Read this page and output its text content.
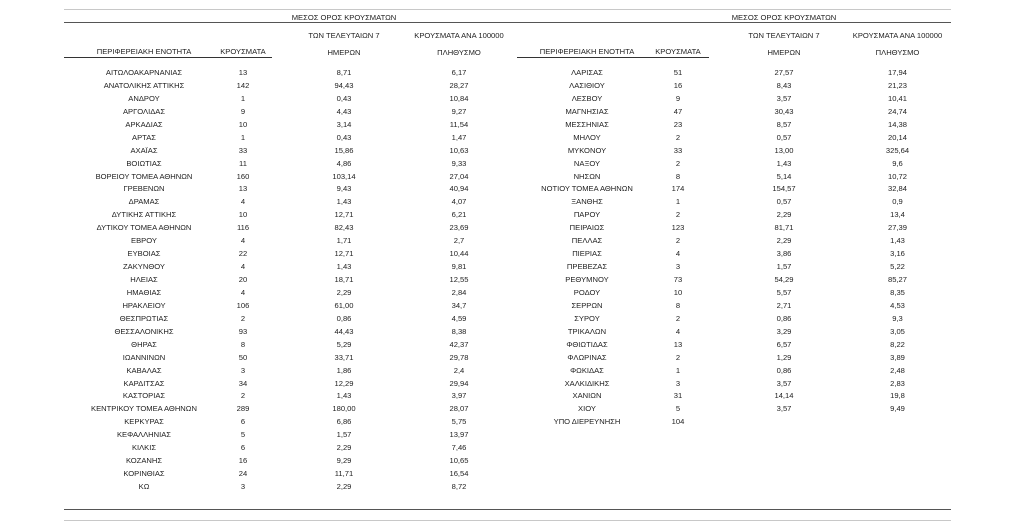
ΠΕΡΙΦΕΡΕΙΑΚΗ ΕΝΟΤΗΤΑ	ΚΡΟΥΣΜΑΤΑ

ΜΕΣΟΣ ΟΡΟΣ ΚΡΟΥΣΜΑΤΩΝ

ΤΩΝ ΤΕΛΕΥΤΑΙΩΝ 7

ΗΜΕΡΩΝ

ΚΡΟΥΣΜΑΤΑ ΑΝΑ 100000

ΠΛΗΘΥΣΜΟ

ΑΙΤΩΛΟΑΚΑΡΝΑΝΙΑΣ	13	8,71	6,17
ΑΝΑΤΟΛΙΚΗΣ ΑΤΤΙΚΗΣ	142	94,43	28,27
ΑΝΔΡΟΥ	1	0,43	10,84
ΑΡΓΟΛΙΔΑΣ	9	4,43	9,27
ΑΡΚΑΔΙΑΣ	10	3,14	11,54
ΑΡΤΑΣ	1	0,43	1,47
ΑΧΑΪΑΣ	33	15,86	10,63
ΒΟΙΩΤΙΑΣ	11	4,86	9,33
ΒΟΡΕΙΟΥ ΤΟΜΕΑ ΑΘΗΝΩΝ	160	103,14	27,04
ΓΡΕΒΕΝΩΝ	13	9,43	40,94
ΔΡΑΜΑΣ	4	1,43	4,07
ΔΥΤΙΚΗΣ ΑΤΤΙΚΗΣ	10	12,71	6,21
ΔΥΤΙΚΟΥ ΤΟΜΕΑ ΑΘΗΝΩΝ	116	82,43	23,69
ΕΒΡΟΥ	4	1,71	2,7
ΕΥΒΟΙΑΣ	22	12,71	10,44
ΖΑΚΥΝΘΟΥ	4	1,43	9,81
ΗΛΕΙΑΣ	20	18,71	12,55
ΗΜΑΘΙΑΣ	4	2,29	2,84
ΗΡΑΚΛΕΙΟΥ	106	61,00	34,7
ΘΕΣΠΡΩΤΙΑΣ	2	0,86	4,59
ΘΕΣΣΑΛΟΝΙΚΗΣ	93	44,43	8,38
ΘΗΡΑΣ	8	5,29	42,37
ΙΩΑΝΝΙΝΩΝ	50	33,71	29,78
ΚΑΒΑΛΑΣ	3	1,86	2,4
ΚΑΡΔΙΤΣΑΣ	34	12,29	29,94
ΚΑΣΤΟΡΙΑΣ	2	1,43	3,97
ΚΕΝΤΡΙΚΟΥ ΤΟΜΕΑ ΑΘΗΝΩΝ	289	180,00	28,07
ΚΕΡΚΥΡΑΣ	6	6,86	5,75
ΚΕΦΑΛΛΗΝΙΑΣ	5	1,57	13,97
ΚΙΛΚΙΣ	6	2,29	7,46
ΚΟΖΑΝΗΣ	16	9,29	10,65
ΚΟΡΙΝΘΙΑΣ	24	11,71	16,54
ΚΩ	3	2,29	8,72

ΠΕΡΙΦΕΡΕΙΑΚΗ ΕΝΟΤΗΤΑ	ΚΡΟΥΣΜΑΤΑ

ΜΕΣΟΣ ΟΡΟΣ ΚΡΟΥΣΜΑΤΩΝ

ΤΩΝ ΤΕΛΕΥΤΑΙΩΝ 7

ΗΜΕΡΩΝ

ΚΡΟΥΣΜΑΤΑ ΑΝΑ 100000

ΠΛΗΘΥΣΜΟ

ΛΑΡΙΣΑΣ	51	27,57	17,94
ΛΑΣΙΘΙΟΥ	16	8,43	21,23
ΛΕΣΒΟΥ	9	3,57	10,41
ΜΑΓΝΗΣΙΑΣ	47	30,43	24,74
ΜΕΣΣΗΝΙΑΣ	23	8,57	14,38
ΜΗΛΟΥ	2	0,57	20,14
ΜΥΚΟΝΟΥ	33	13,00	325,64
ΝΑΞΟΥ	2	1,43	9,6
ΝΗΣΩΝ	8	5,14	10,72
ΝΟΤΙΟΥ ΤΟΜΕΑ ΑΘΗΝΩΝ	174	154,57	32,84
ΞΑΝΘΗΣ	1	0,57	0,9
ΠΑΡΟΥ	2	2,29	13,4
ΠΕΙΡΑΙΩΣ	123	81,71	27,39
ΠΕΛΛΑΣ	2	2,29	1,43
ΠΙΕΡΙΑΣ	4	3,86	3,16
ΠΡΕΒΕΖΑΣ	3	1,57	5,22
ΡΕΘΥΜΝΟΥ	73	54,29	85,27
ΡΟΔΟΥ	10	5,57	8,35
ΣΕΡΡΩΝ	8	2,71	4,53
ΣΥΡΟΥ	2	0,86	9,3
ΤΡΙΚΑΛΩΝ	4	3,29	3,05
ΦΘΙΩΤΙΔΑΣ	13	6,57	8,22
ΦΛΩΡΙΝΑΣ	2	1,29	3,89
ΦΩΚΙΔΑΣ	1	0,86	2,48
ΧΑΛΚΙΔΙΚΗΣ	3	3,57	2,83
ΧΑΝΙΩΝ	31	14,14	19,8
ΧΙΟΥ	5	3,57	9,49
ΥΠΟ ΔΙΕΡΕΥΝΗΣΗ	104
